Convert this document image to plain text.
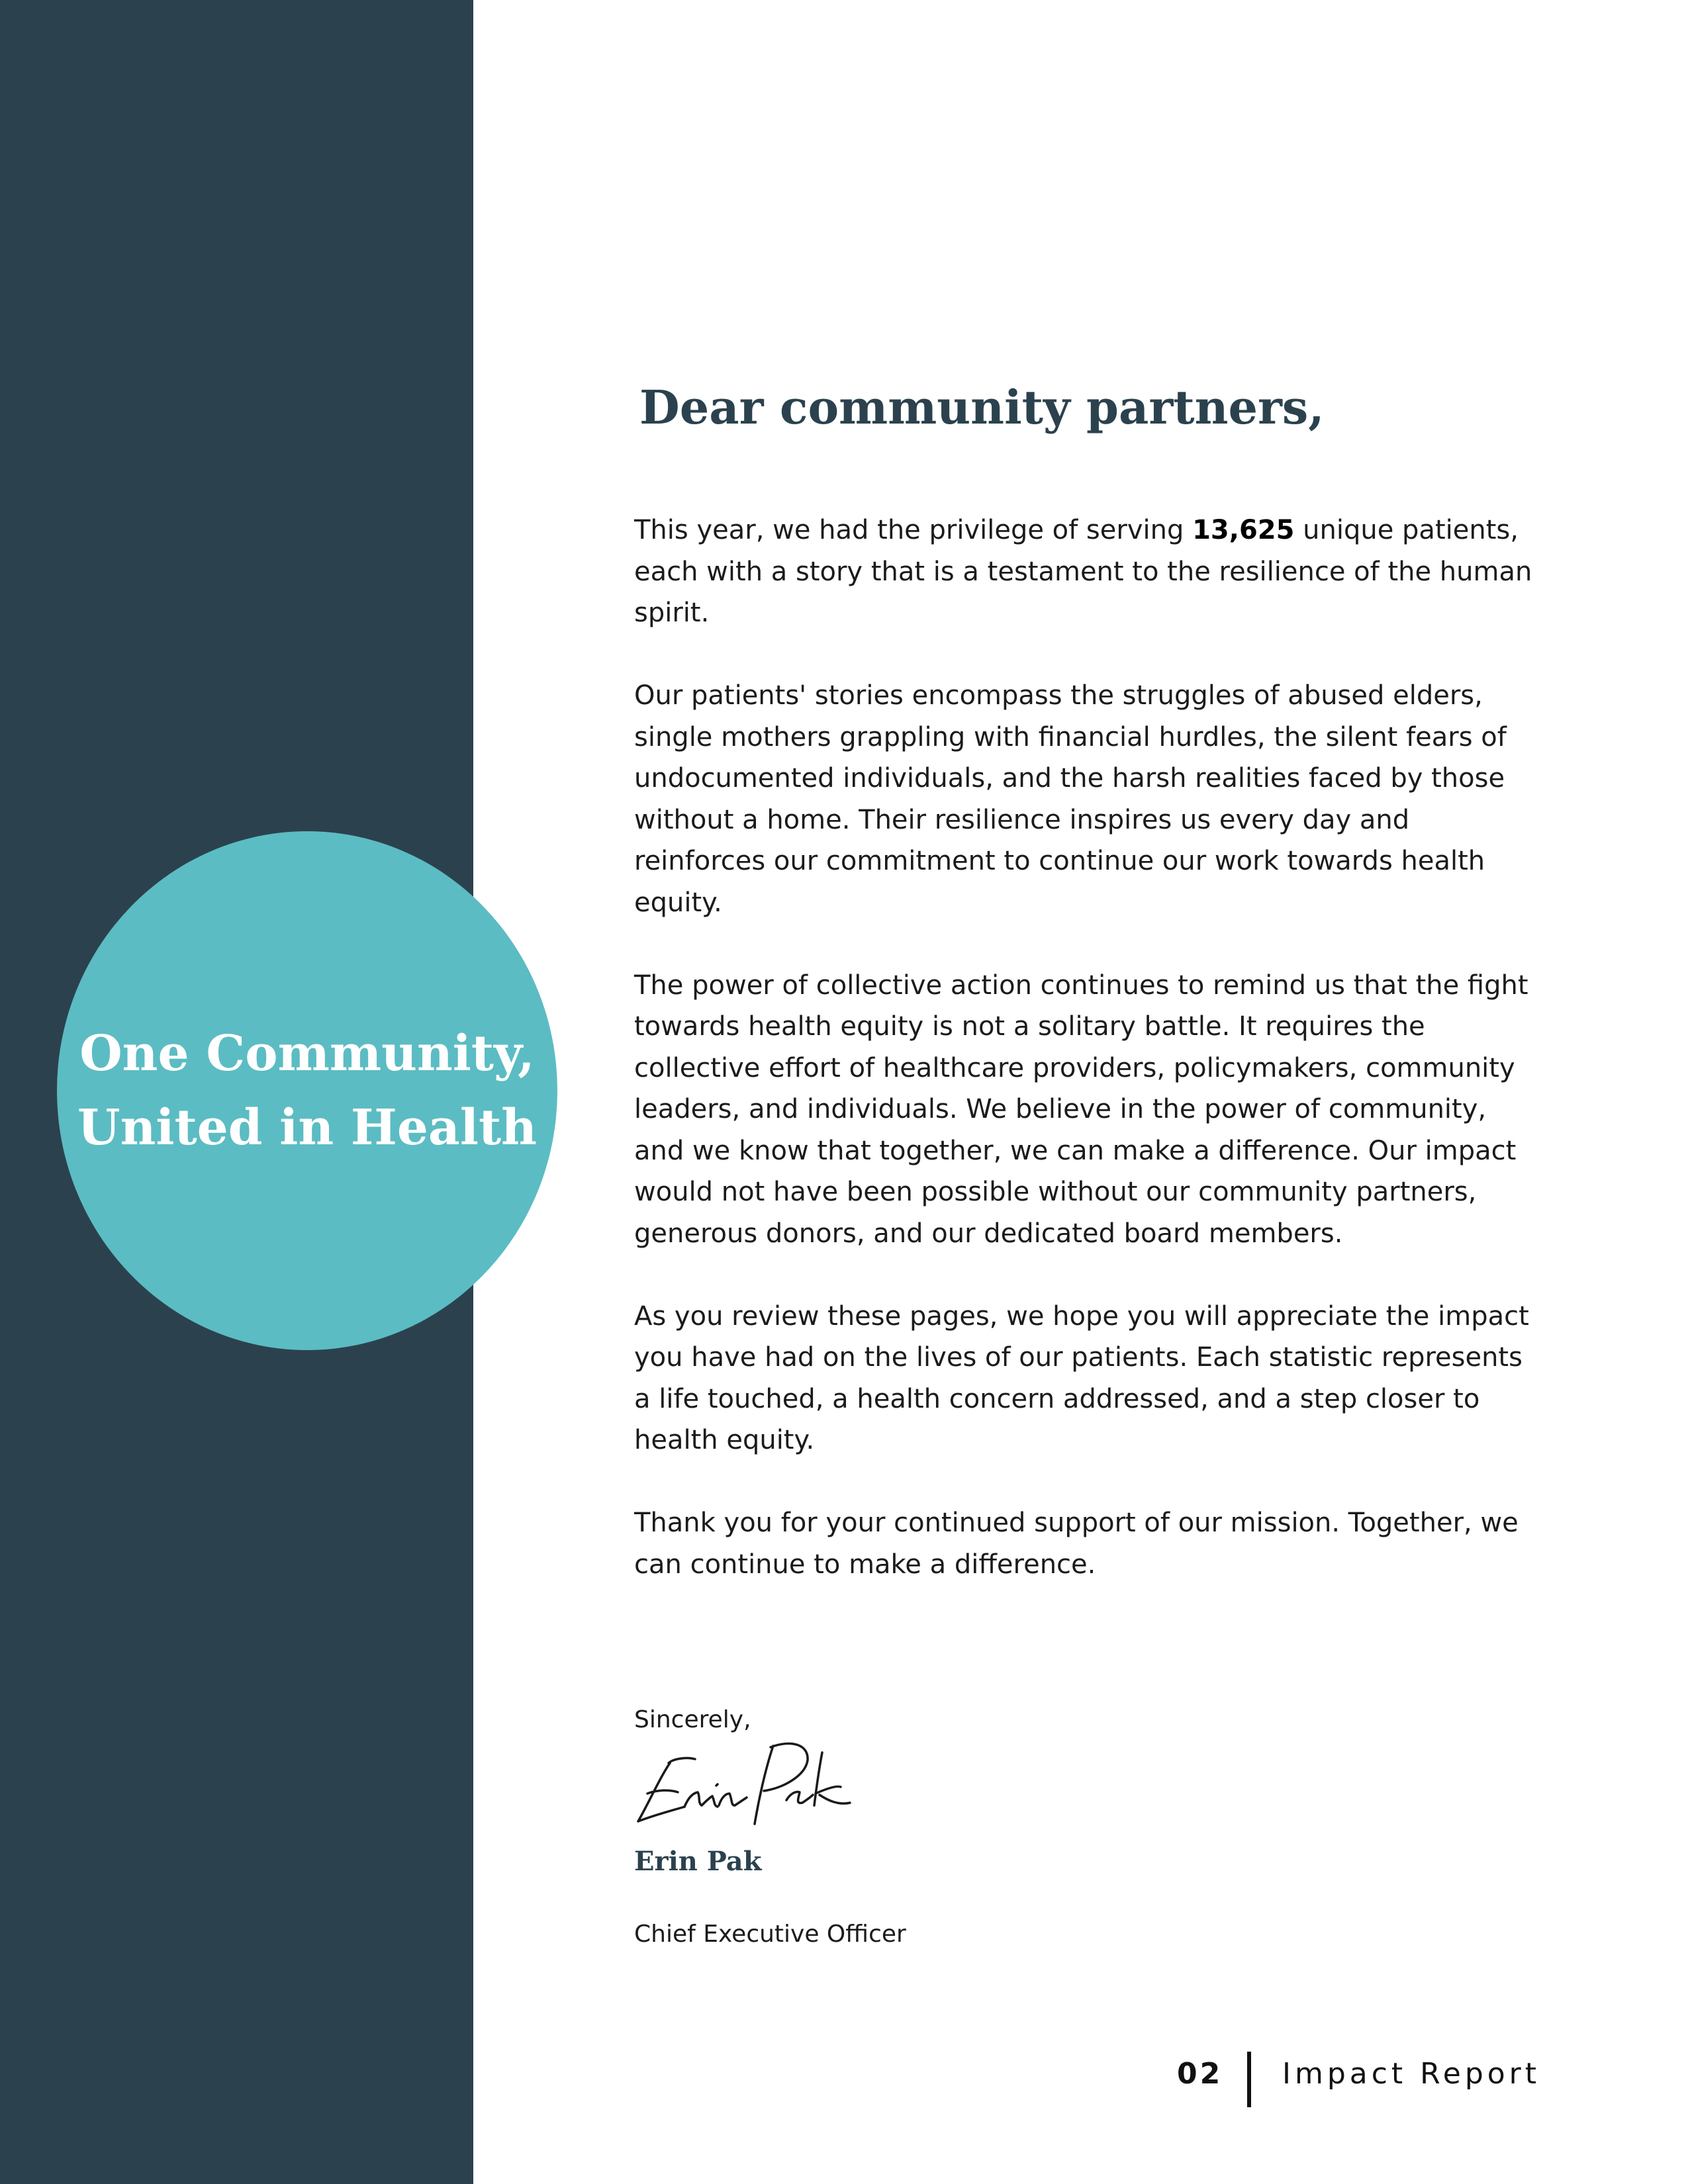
One Community,
United in Health
Dear community partners,

This year, we had the privilege of serving 13,625 unique patients, each with a story that is a testament to the resilience of the human spirit.

Our patients' stories encompass the struggles of abused elders, single mothers grappling with financial hurdles, the silent fears of undocumented individuals, and the harsh realities faced by those without a home. Their resilience inspires us every day and reinforces our commitment to continue our work towards health equity.

The power of collective action continues to remind us that the fight towards health equity is not a solitary battle. It requires the collective effort of healthcare providers, policymakers, community leaders, and individuals. We believe in the power of community, and we know that together, we can make a difference. Our impact would not have been possible without our community partners, generous donors, and our dedicated board members.

As you review these pages, we hope you will appreciate the impact you have had on the lives of our patients. Each statistic represents a life touched, a health concern addressed, and a step closer to health equity.

Thank you for your continued support of our mission. Together, we can continue to make a difference.

Sincerely,
Erin Pak
Chief Executive Officer
02 Impact Report
